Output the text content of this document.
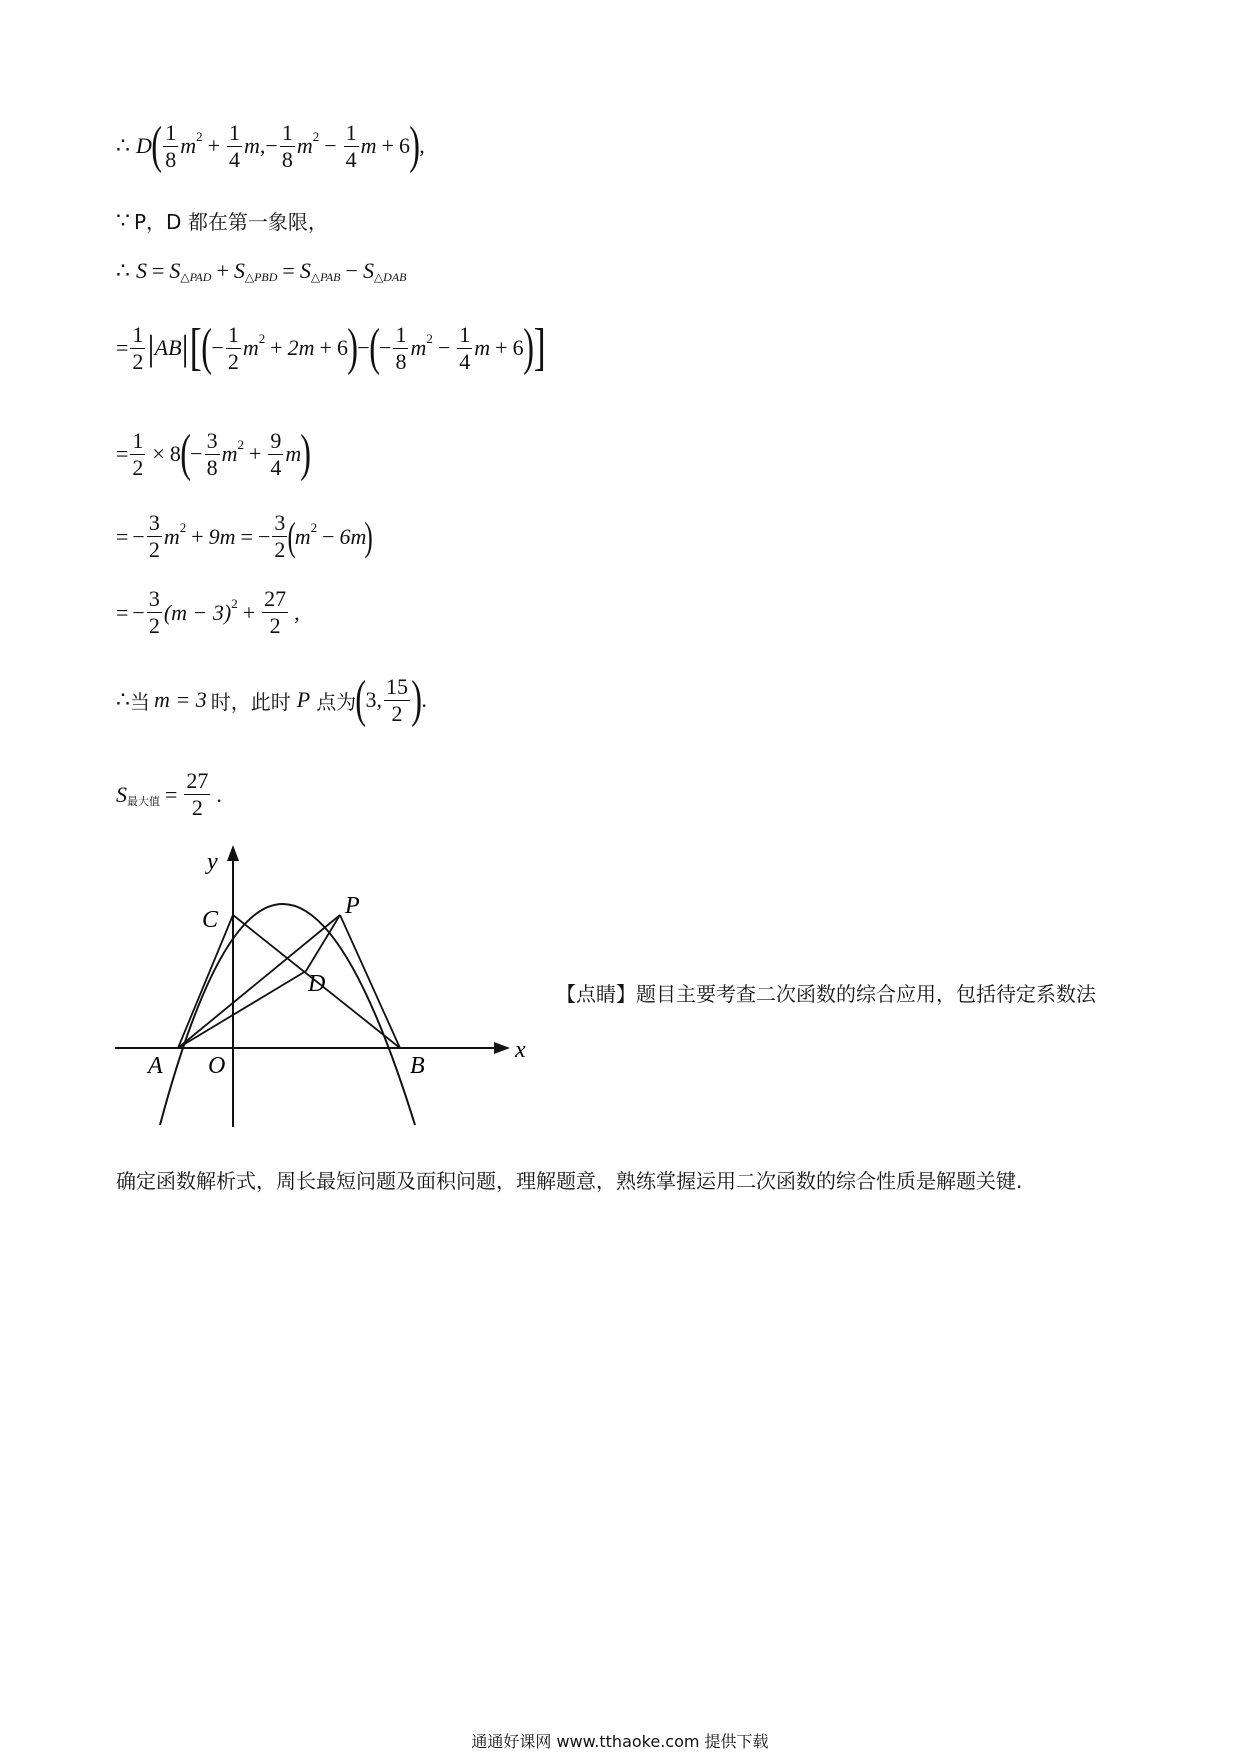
∴ D ( $\frac{1}{8}$ m $2 + \frac{1}{4}$ m , − $\frac{1}{8}$ m $2 - \frac{1}{4}$ m + 6 ) ,
∵ P，D 都在第一象限，
∴ S = S △PAD + S △PBD = S △PAB − S △DAB
= $\frac{1}{2}$ | AB | [ ( − $\frac{1}{2}$ m 2 + 2m + 6 ) − ( − $\frac{1}{8}$ m $2 - \frac{1}{4}$ m + 6 ) ]
= $\frac{1}{2} \times 8$ ( − $\frac{3}{8}$ m $2 + \frac{9}{4}$ m )
= − $\frac{3}{2}$ m 2 + 9m = − $\frac{3}{2}$ (
m 2 − 6m
)
= − $\frac{3}{2} (m - 3) 2 + \frac{27}{2}$ ,
∴ 当 m = 3 时，此时 P 点为 ( 3 , $\frac{15}{2}$ ) .
S 最大值 = $\frac{27}{2}$ .
y
x
C
P
D
A O	B
【点睛】题目主要考查二次函数的综合应用，包括待定系数法
确定函数解析式，周长最短问题及面积问题，理解题意，熟练掌握运用二次函数的综合性质是解题关键.
通通好课网 www.tthaoke.com 提供下载
